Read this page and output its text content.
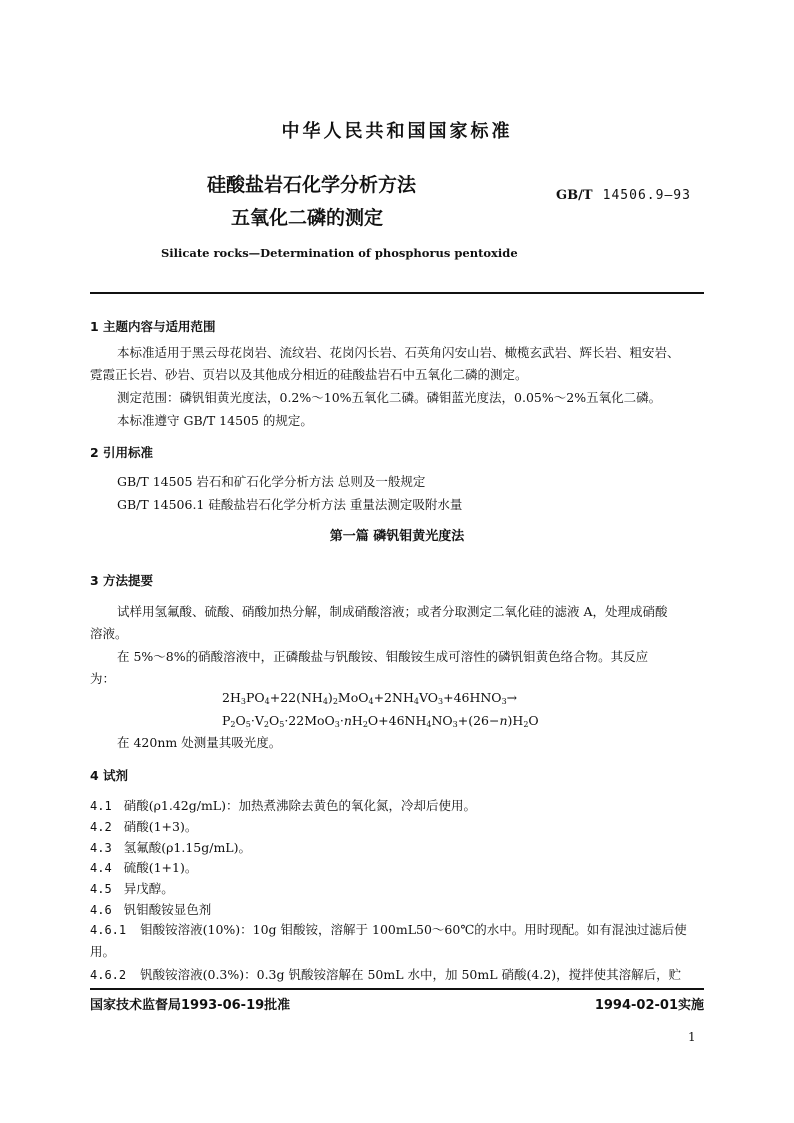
中华人民共和国国家标准
硅酸盐岩石化学分析方法
五氧化二磷的测定
GB/T 14506.9—93
Silicate rocks—Determination of phosphorus pentoxide
1 主题内容与适用范围
本标准适用于黑云母花岗岩、流纹岩、花岗闪长岩、石英角闪安山岩、橄榄玄武岩、辉长岩、粗安岩、
霓霞正长岩、砂岩、页岩以及其他成分相近的硅酸盐岩石中五氧化二磷的测定。
测定范围：磷钒钼黄光度法，0.2%～10%五氧化二磷。磷钼蓝光度法，0.05%～2%五氧化二磷。
本标准遵守 GB/T 14505 的规定。
2 引用标准
GB/T 14505 岩石和矿石化学分析方法 总则及一般规定
GB/T 14506.1 硅酸盐岩石化学分析方法 重量法测定吸附水量
第一篇 磷钒钼黄光度法
3 方法提要
试样用氢氟酸、硫酸、硝酸加热分解，制成硝酸溶液；或者分取测定二氧化硅的滤液 A，处理成硝酸
溶液。
在 5%～8%的硝酸溶液中，正磷酸盐与钒酸铵、钼酸铵生成可溶性的磷钒钼黄色络合物。其反应
为：
$2H_3PO_4+22(NH_4)_2MoO_4+2NH_4VO_3+46HNO_3\to$
$P_2O_5\cdot V_2O_5\cdot 22MoO_3\cdot nH_2O+46NH_4NO_3+(26-n)H_2O$
在 420nm 处测量其吸光度。
4 试剂
4.1 硝酸(ρ1.42g/mL)：加热煮沸除去黄色的氧化氮，冷却后使用。
4.2 硝酸(1+3)。
4.3 氢氟酸(ρ1.15g/mL)。
4.4 硫酸(1+1)。
4.5 异戊醇。
4.6 钒钼酸铵显色剂
4.6.1 钼酸铵溶液(10%)：10g 钼酸铵，溶解于 100mL50～60℃的水中。用时现配。如有混浊过滤后使
用。
4.6.2 钒酸铵溶液(0.3%)：0.3g 钒酸铵溶解在 50mL 水中，加 50mL 硝酸(4.2)，搅拌使其溶解后，贮
国家技术监督局1993-06-19批准	1994-02-01实施
1
